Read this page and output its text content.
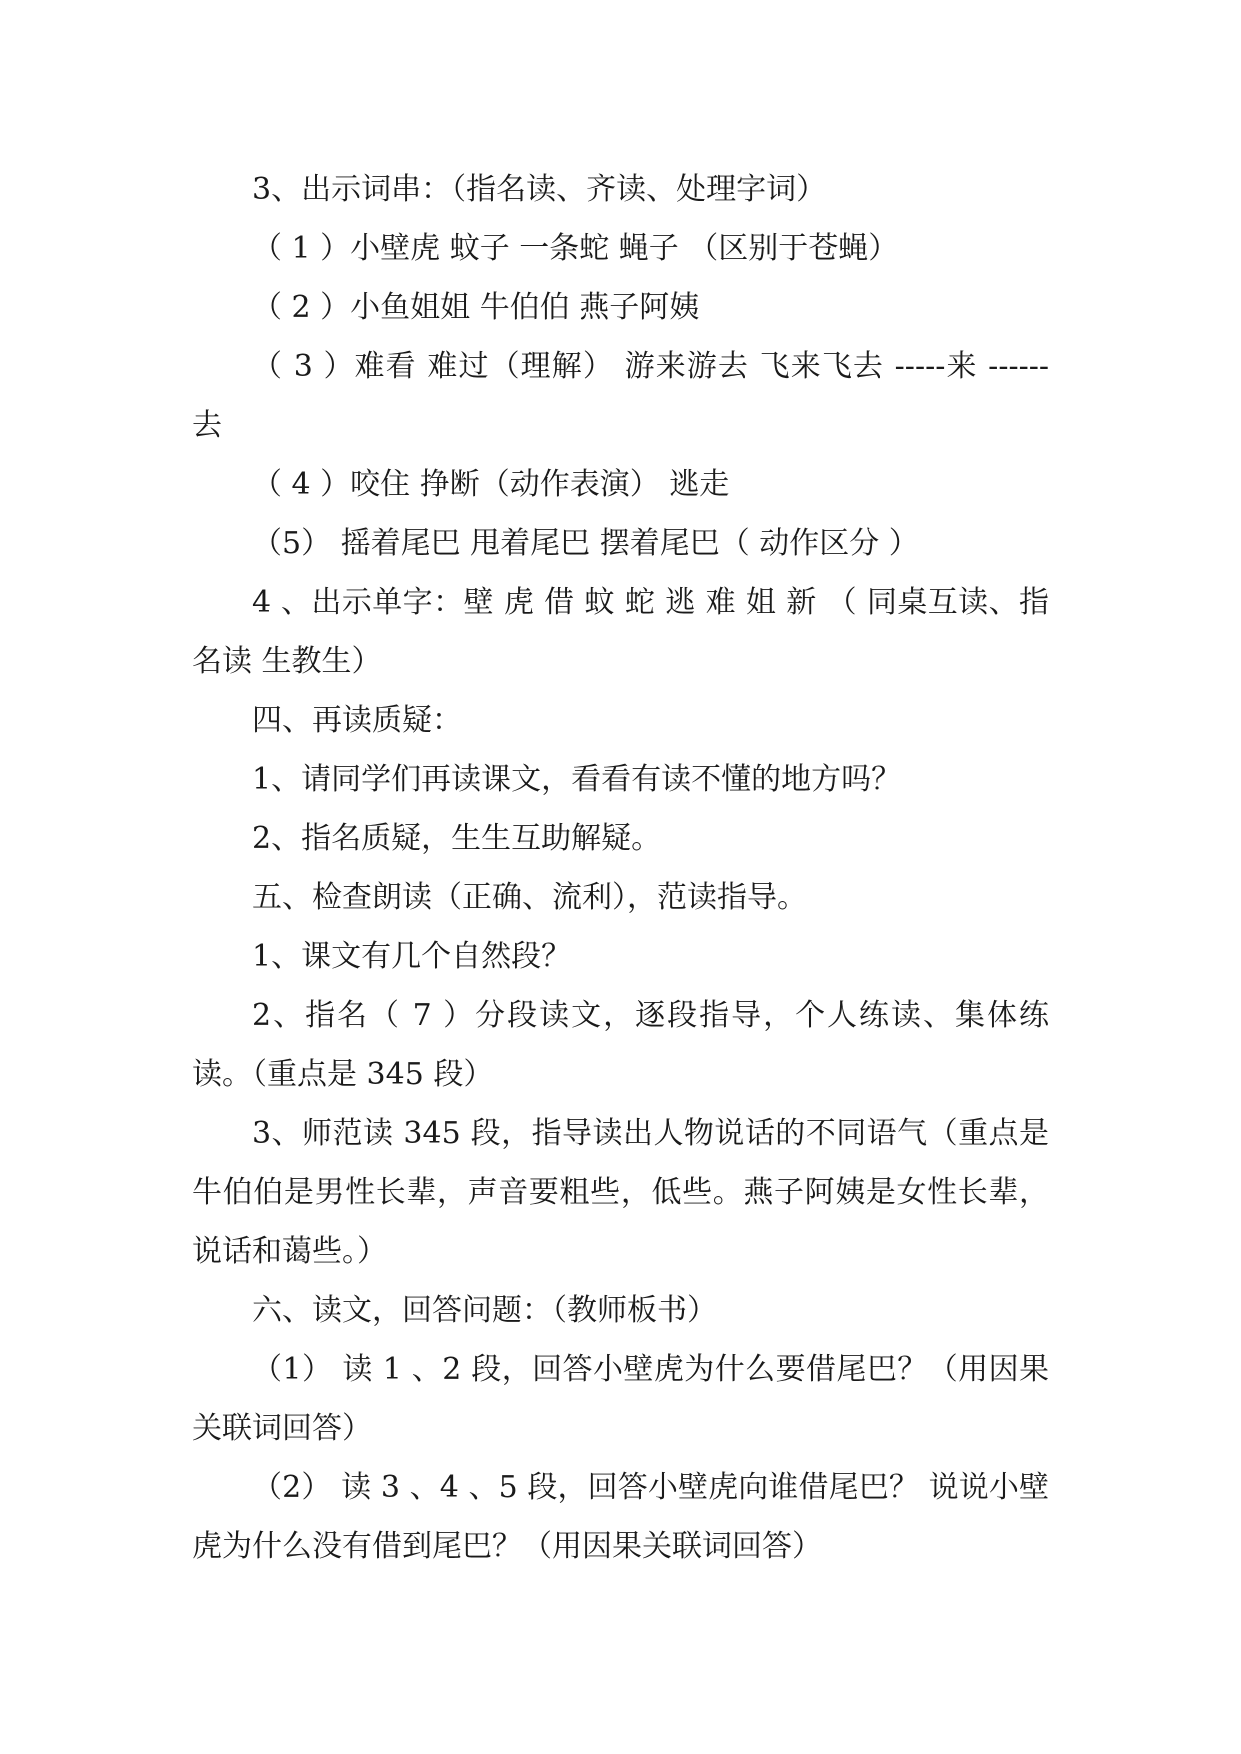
3、出示词串：（指名读、齐读、处理字词）

（ 1 ）小壁虎 蚊子 一条蛇 蝇子 （区别于苍蝇）

（ 2 ）小鱼姐姐 牛伯伯 燕子阿姨

（ 3 ）难看 难过（理解） 游来游去 飞来飞去 -----来 ------ 去

（ 4 ）咬住 挣断（动作表演） 逃走

（5） 摇着尾巴 甩着尾巴 摆着尾巴（ 动作区分 ）

4 、出示单字：壁 虎 借 蚊 蛇 逃 难 姐 新 （ 同桌互读、指名读 生教生）

四、再读质疑：

1、请同学们再读课文，看看有读不懂的地方吗？

2、指名质疑，生生互助解疑。

五、检查朗读（正确、流利），范读指导。

1、课文有几个自然段？

2、指名（ 7 ）分段读文，逐段指导，个人练读、集体练读。（重点是 345 段）

3、师范读 345 段，指导读出人物说话的不同语气（重点是牛伯伯是男性长辈，声音要粗些，低些。燕子阿姨是女性长辈，说话和蔼些。）

六、读文，回答问题：（教师板书）

（1） 读 1 、2 段，回答小壁虎为什么要借尾巴？（用因果关联词回答）

（2） 读 3 、4 、5 段，回答小壁虎向谁借尾巴？ 说说小壁虎为什么没有借到尾巴？（用因果关联词回答）
